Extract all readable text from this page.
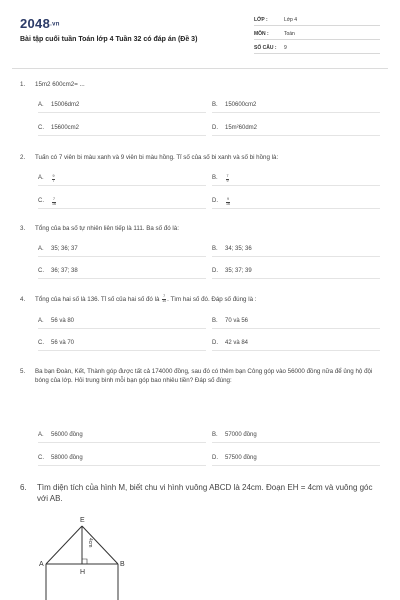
2048.vn
Bài tập cuối tuần Toán lớp 4 Tuần 32 có đáp án (Đề 3)
LỚP :	Lớp 4
MÔN :	Toán
SỐ CÂU : 9
1. 15m2 600cm2= ...
A. 15006dm2	B. 150600cm2
C. 15600cm2	D. 15m²60dm2
2. Tuấn có 7 viên bi màu xanh và 9 viên bi màu hồng. Tỉ số của số bi xanh và số bi hồng là:
A. $\frac{9}{7}$	B. $\frac{7}{9}$
C. $\frac{7}{16}$	D. $\frac{9}{16}$
3. Tổng của ba số tự nhiên liên tiếp là 111. Ba số đó là:
A. 35; 36; 37	B. 34; 35; 36
C. 36; 37; 38	D. 35; 37; 39
4. Tổng của hai số là 136. Tỉ số của hai số đó là $\frac{7}{10}$ . Tìm hai số đó. Đáp số đúng là :
A. 56 và 80	B. 70 và 56
C. 56 và 70	D. 42 và 84
5. Ba bạn Đoàn, Kết, Thành góp được tất cả 174000 đồng, sau đó có thêm bạn Công góp vào 56000 đồng nữa để ủng hộ đội bóng của lớp. Hỏi trung bình mỗi bạn góp bao nhiêu tiền? Đáp số đúng:
A. 56000 đồng	B. 57000 đồng
C. 58000 đồng	D. 57500 đồng
6. Tìm diện tích của hình M, biết chu vi hình vuông ABCD là 24cm. Đoạn EH = 4cm và vuông góc với AB.
E
A	B
H
4cm
